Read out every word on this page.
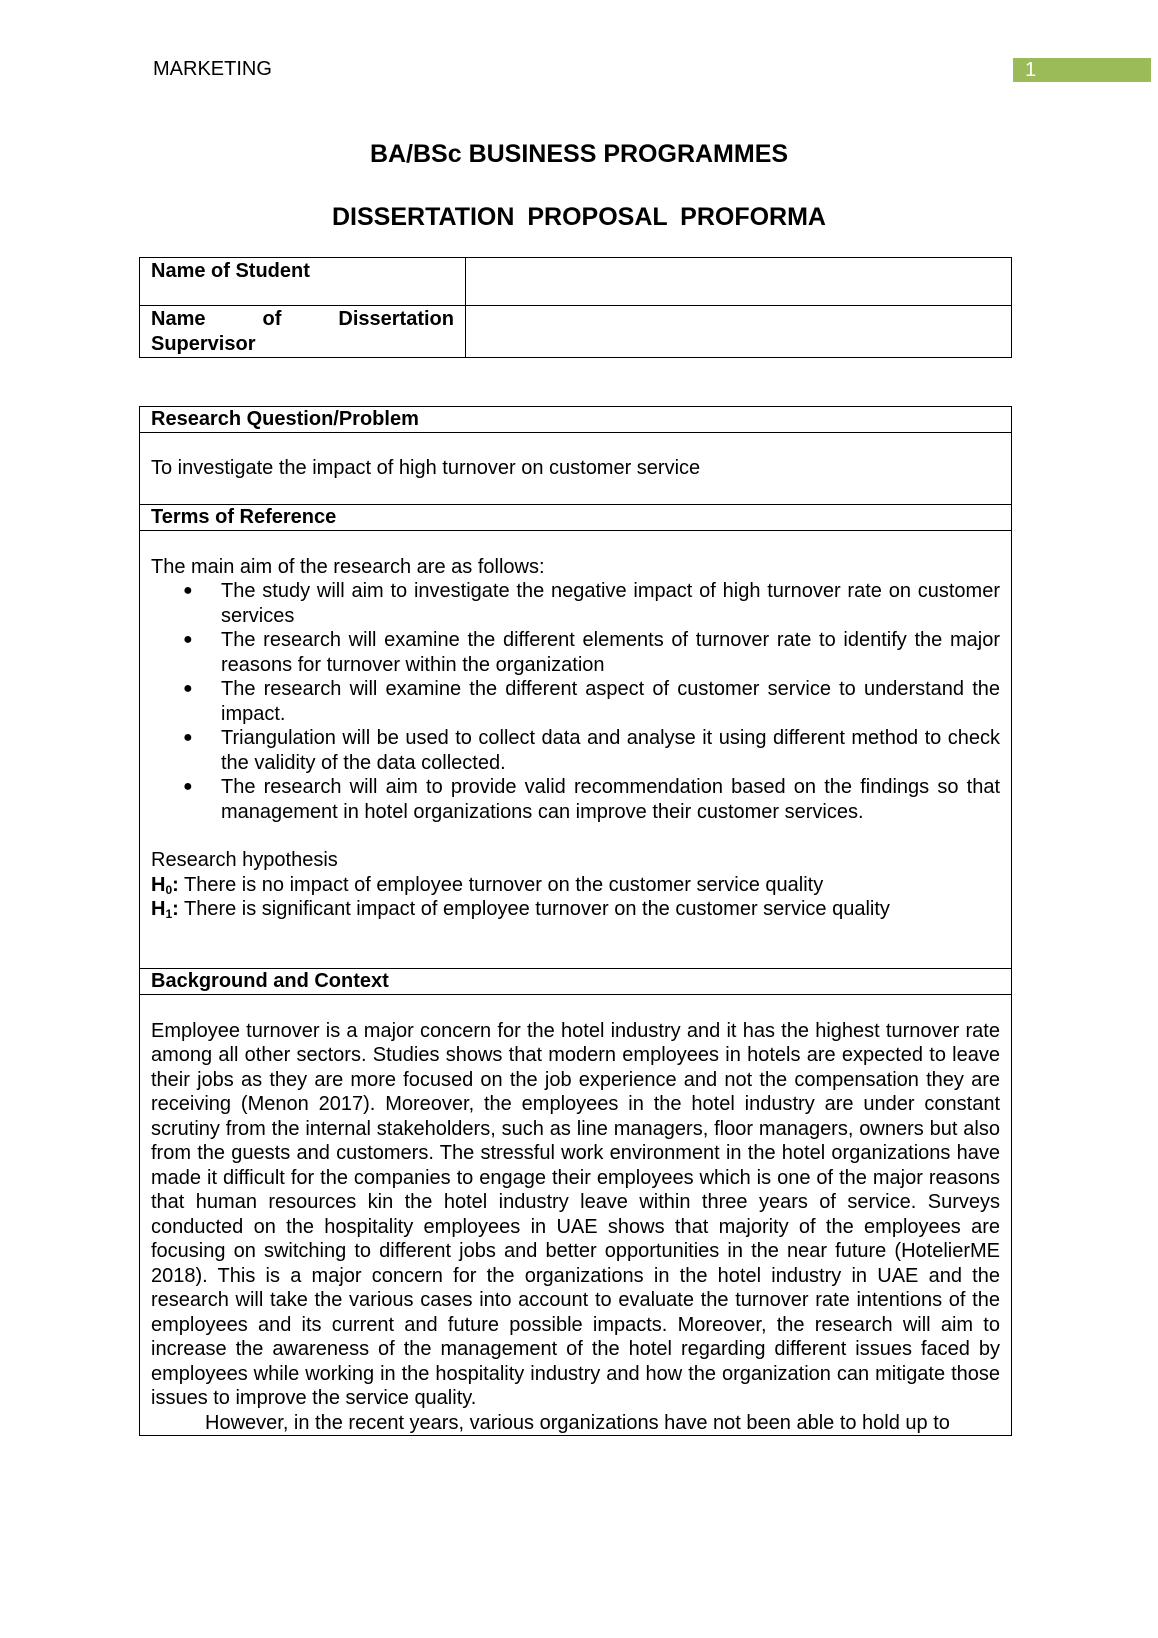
MARKETING	1
BA/BSc BUSINESS PROGRAMMES
DISSERTATION PROPOSAL PROFORMA
Name of Student	

Name of Dissertation
Supervisor	

Research Question/Problem
To investigate the impact of high turnover on customer service
Terms of Reference

The main aim of the research are as follows:
● The study will aim to investigate the negative impact of high turnover rate on customer services
● The research will examine the different elements of turnover rate to identify the major reasons for turnover within the organization
● The research will examine the different aspect of customer service to understand the impact.
● Triangulation will be used to collect data and analyse it using different method to check the validity of the data collected.
● The research will aim to provide valid recommendation based on the findings so that management in hotel organizations can improve their customer services.
Research hypothesis
$H_0$: There is no impact of employee turnover on the customer service quality
$H_1$: There is significant impact of employee turnover on the customer service quality

Background and Context

Employee turnover is a major concern for the hotel industry and it has the highest turnover rate among all other sectors. Studies shows that modern employees in hotels are expected to leave their jobs as they are more focused on the job experience and not the compensation they are receiving (Menon 2017). Moreover, the employees in the hotel industry are under constant scrutiny from the internal stakeholders, such as line managers, floor managers, owners but also from the guests and customers. The stressful work environment in the hotel organizations have made it difficult for the companies to engage their employees which is one of the major reasons that human resources kin the hotel industry leave within three years of service. Surveys conducted on the hospitality employees in UAE shows that majority of the employees are focusing on switching to different jobs and better opportunities in the near future (HotelierME 2018). This is a major concern for the organizations in the hotel industry in UAE and the research will take the various cases into account to evaluate the turnover rate intentions of the employees and its current and future possible impacts. Moreover, the research will aim to increase the awareness of the management of the hotel regarding different issues faced by employees while working in the hospitality industry and how the organization can mitigate those issues to improve the service quality.
However, in the recent years, various organizations have not been able to hold up to
